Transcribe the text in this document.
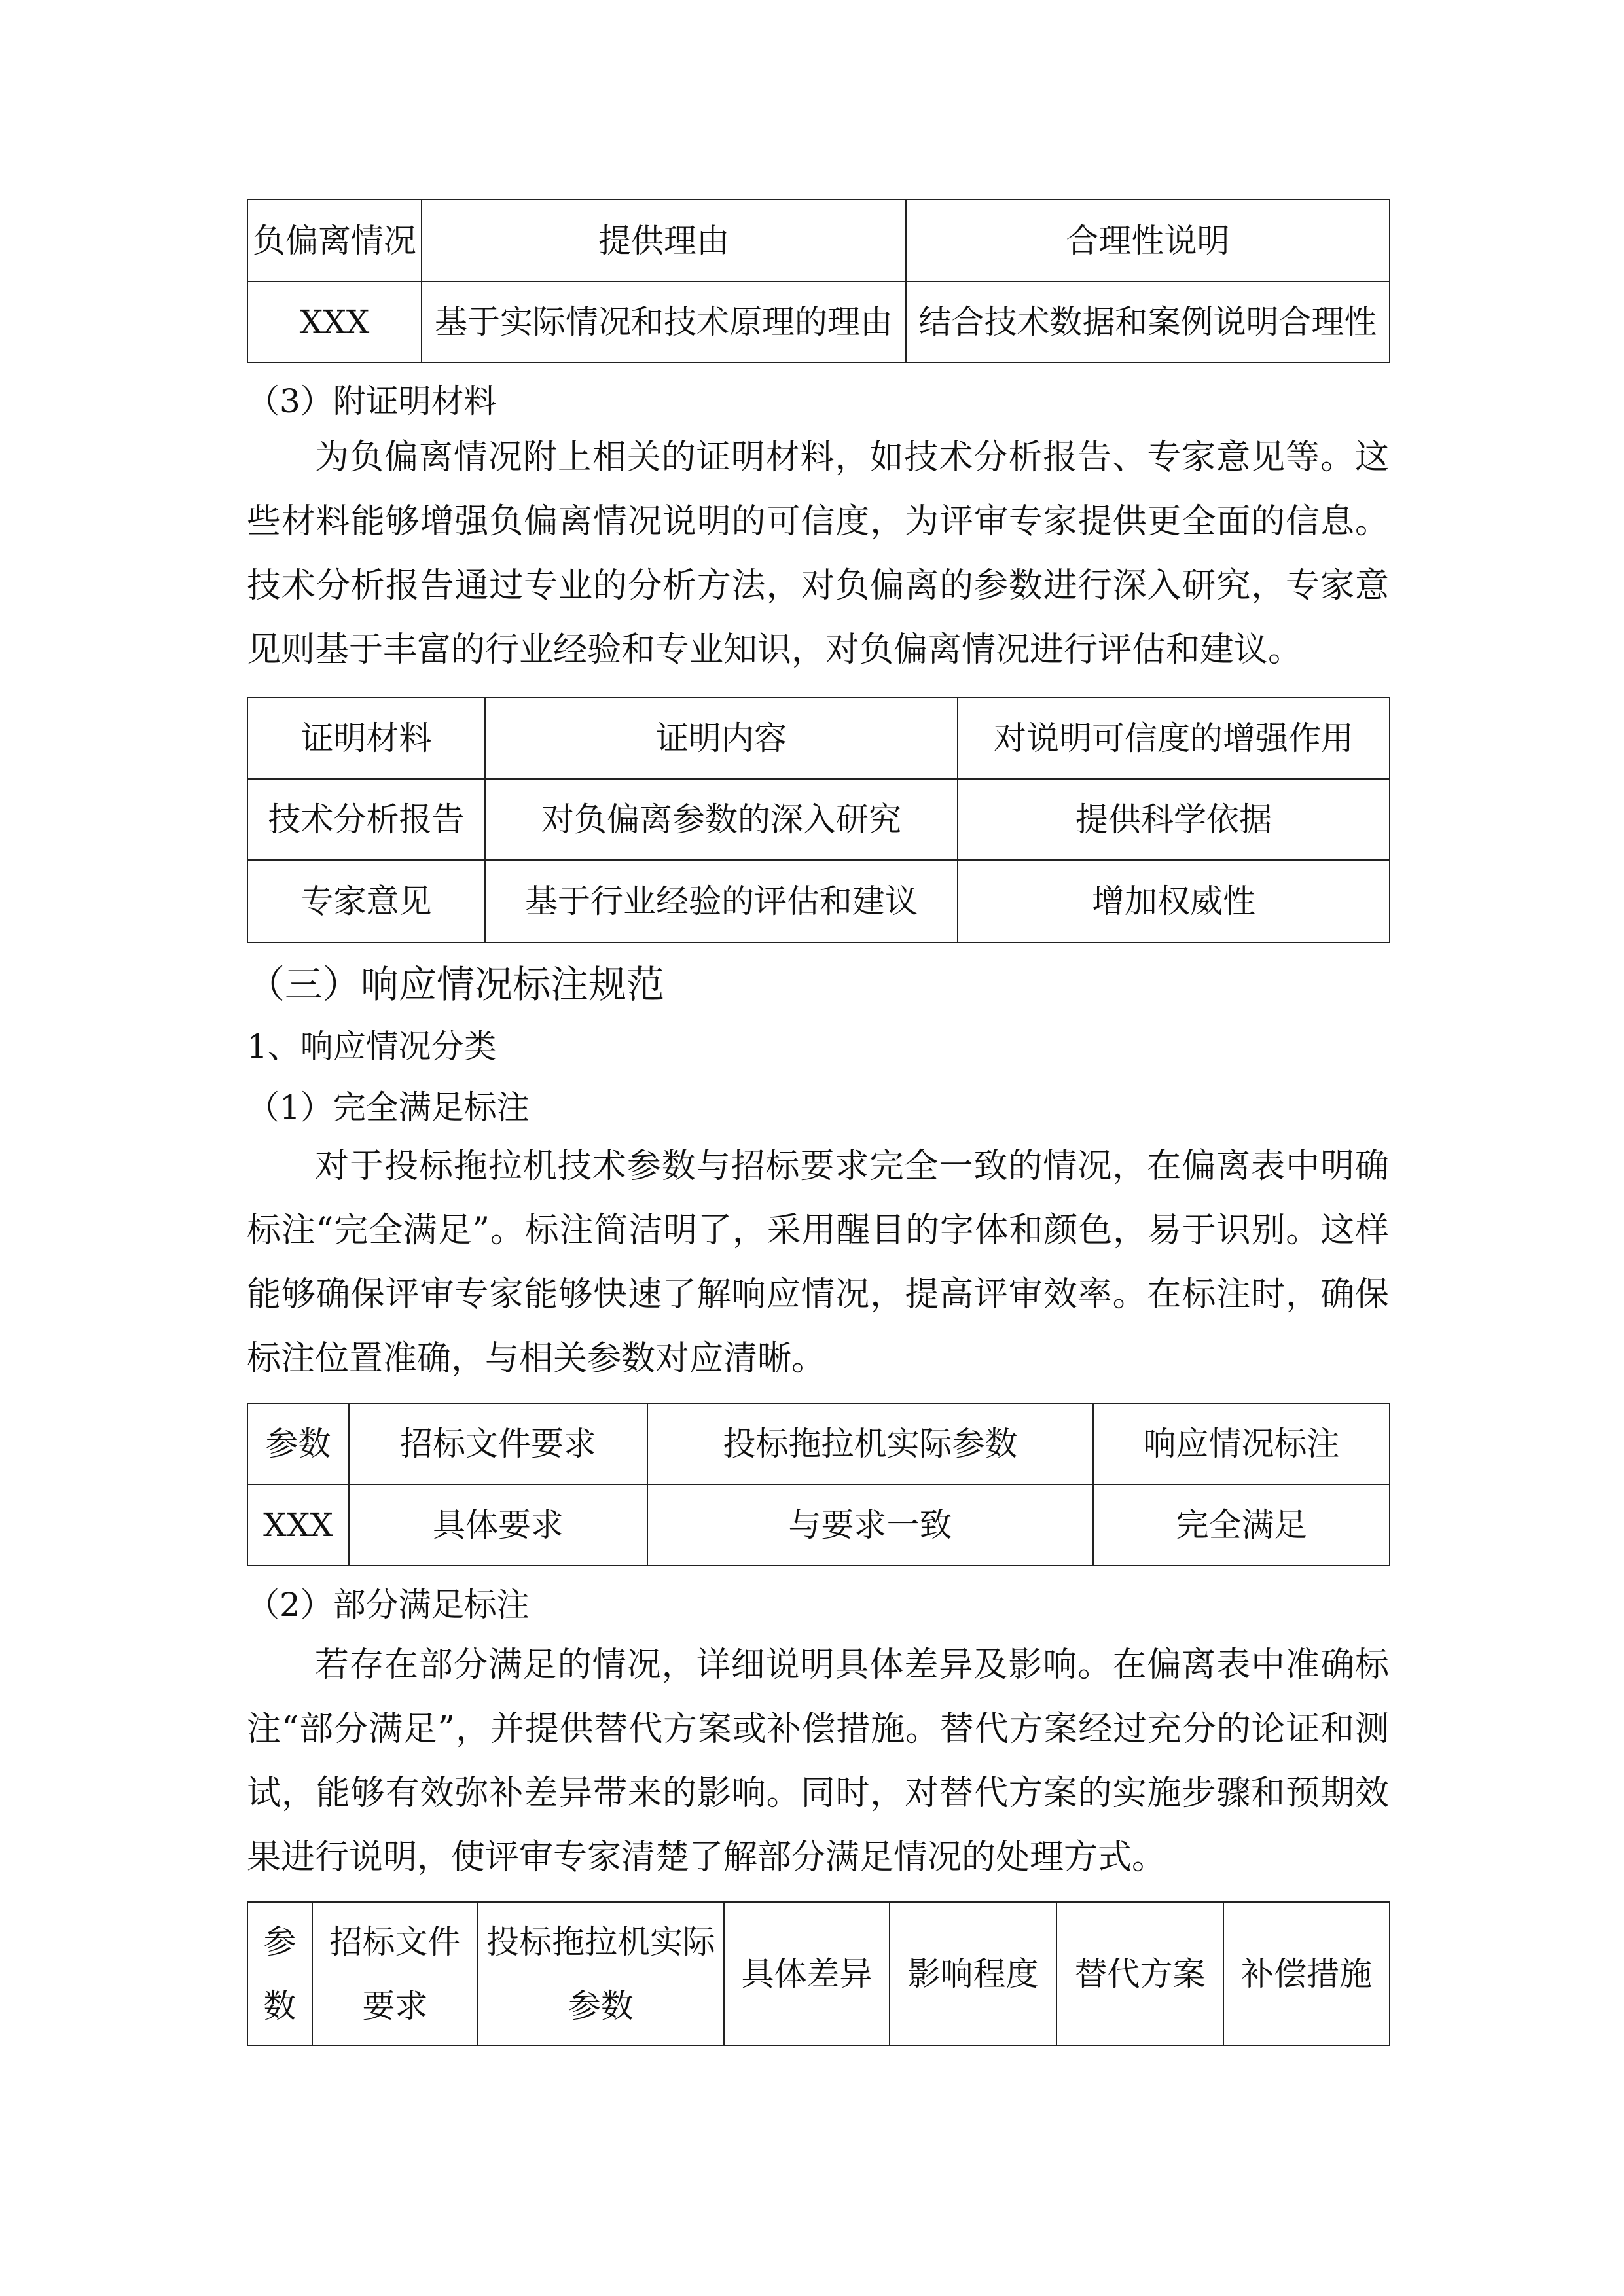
负偏离情况	提供理由	合理性说明
XXX	基于实际情况和技术原理的理由	结合技术数据和案例说明合理性
（3）附证明材料
为负偏离情况附上相关的证明材料，如技术分析报告、专家意见等。这些材料能够增强负偏离情况说明的可信度，为评审专家提供更全面的信息。技术分析报告通过专业的分析方法，对负偏离的参数进行深入研究，专家意见则基于丰富的行业经验和专业知识，对负偏离情况进行评估和建议。
证明材料	证明内容	对说明可信度的增强作用
技术分析报告	对负偏离参数的深入研究	提供科学依据
专家意见	基于行业经验的评估和建议	增加权威性
（三）响应情况标注规范
1、响应情况分类
（1）完全满足标注
对于投标拖拉机技术参数与招标要求完全一致的情况，在偏离表中明确标注“完全满足”。标注简洁明了，采用醒目的字体和颜色，易于识别。这样能够确保评审专家能够快速了解响应情况，提高评审效率。在标注时，确保标注位置准确，与相关参数对应清晰。
参数	招标文件要求	投标拖拉机实际参数	响应情况标注
XXX	具体要求	与要求一致	完全满足
（2）部分满足标注
若存在部分满足的情况，详细说明具体差异及影响。在偏离表中准确标注“部分满足”，并提供替代方案或补偿措施。替代方案经过充分的论证和测试，能够有效弥补差异带来的影响。同时，对替代方案的实施步骤和预期效果进行说明，使评审专家清楚了解部分满足情况的处理方式。
参数	招标文件要求	投标拖拉机实际参数	具体差异	影响程度	替代方案	补偿措施
